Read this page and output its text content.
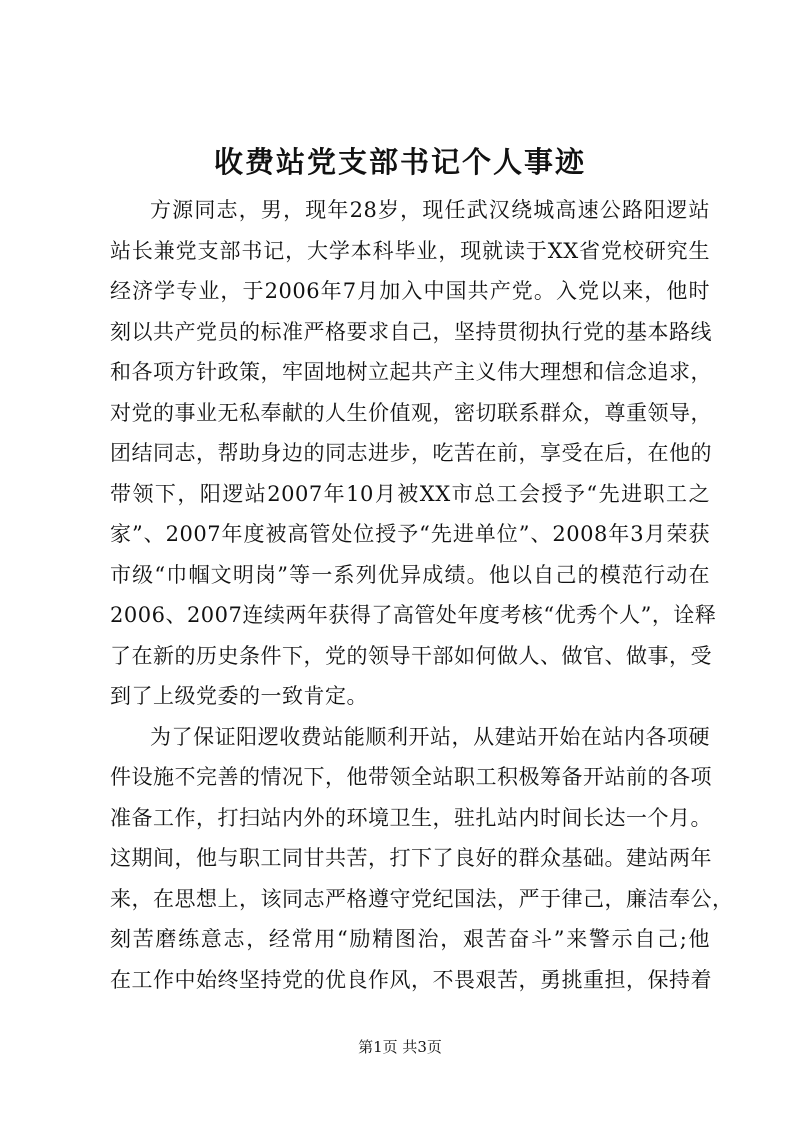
收费站党支部书记个人事迹
方源同志，男，现年28岁，现任武汉绕城高速公路阳逻站
站长兼党支部书记，大学本科毕业，现就读于XX省党校研究生
经济学专业，于2006年7月加入中国共产党。入党以来，他时
刻以共产党员的标准严格要求自己，坚持贯彻执行党的基本路线
和各项方针政策，牢固地树立起共产主义伟大理想和信念追求，
对党的事业无私奉献的人生价值观，密切联系群众，尊重领导，
团结同志，帮助身边的同志进步，吃苦在前，享受在后，在他的
带领下，阳逻站2007年10月被XX市总工会授予“先进职工之
家”、2007年度被高管处位授予“先进单位”、2008年3月荣获
市级“巾帼文明岗”等一系列优异成绩。他以自己的模范行动在
2006、2007连续两年获得了高管处年度考核“优秀个人”，诠释
了在新的历史条件下，党的领导干部如何做人、做官、做事，受
到了上级党委的一致肯定。
为了保证阳逻收费站能顺利开站，从建站开始在站内各项硬
件设施不完善的情况下，他带领全站职工积极筹备开站前的各项
准备工作，打扫站内外的环境卫生，驻扎站内时间长达一个月。
这期间，他与职工同甘共苦，打下了良好的群众基础。建站两年
来，在思想上，该同志严格遵守党纪国法，严于律己，廉洁奉公，
刻苦磨练意志，经常用“励精图治，艰苦奋斗”来警示自己;他
在工作中始终坚持党的优良作风，不畏艰苦，勇挑重担，保持着
第1页 共3页
